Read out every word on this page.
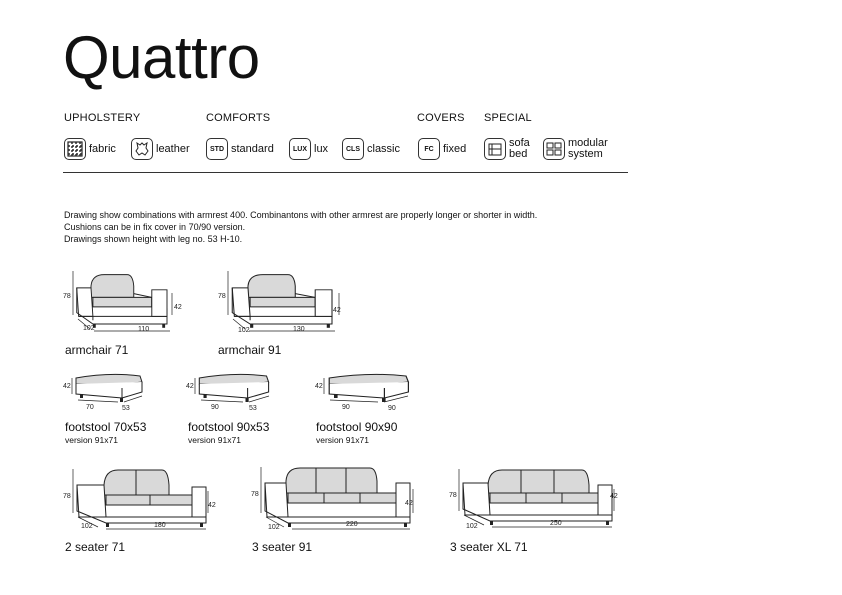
Quattro
UPHOLSTERY	COMFORTS	COVERS SPECIAL
fabric	leather	STD standard	LUX lux	CLS classic	FC fixed	sofa
bed
modular
system
Drawing show combinations with armrest 400. Combinantons with other armrest are properly longer or shorter in width.
Cushions can be in fix cover in 70/90 version.
Drawings shown height with leg no. 53 H-10.
78
42
102	110
armchair 71
78
42
102	130
armchair 91
42
70	53
footstool 70x53
version 91x71
42
90	53
footstool 90x53
version 91x71
42
90	90
footstool 90x90
version 91x71
78
42
102	180
2 seater 71
78
42
102	220
3 seater 91
78	42
102	250
3 seater XL 71
